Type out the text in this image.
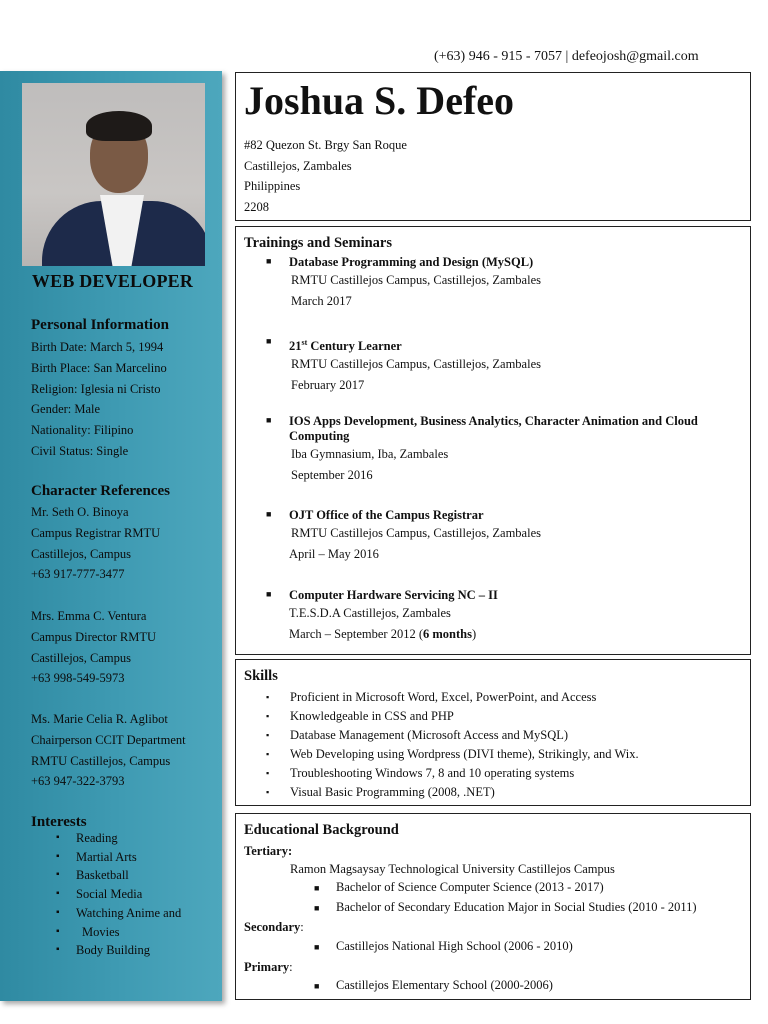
(+63) 946 - 915 - 7057 | defeojosh@gmail.com
WEB DEVELOPER
Personal Information
Birth Date: March 5, 1994
Birth Place: San Marcelino
Religion: Iglesia ni Cristo
Gender: Male
Nationality: Filipino
Civil Status: Single
Character References
Mr. Seth O. Binoya
Campus Registrar RMTU
Castillejos, Campus
+63 917-777-3477
Mrs. Emma C. Ventura
Campus Director RMTU
Castillejos, Campus
+63 998-549-5973
Ms. Marie Celia R. Aglibot
Chairperson CCIT Department
RMTU Castillejos, Campus
+63 947-322-3793
Interests
▪ Reading
▪ Martial Arts
▪ Basketball
▪ Social Media
▪ Watching Anime and
▪ Movies
▪ Body Building
Joshua S. Defeo
#82 Quezon St. Brgy San Roque
Castillejos, Zambales
Philippines
2208
Trainings and Seminars
■ Database Programming and Design (MySQL)
RMTU Castillejos Campus, Castillejos, Zambales
March 2017
■ 21st Century Learner
RMTU Castillejos Campus, Castillejos, Zambales
February 2017
■ IOS Apps Development, Business Analytics, Character Animation and Cloud Computing
Iba Gymnasium, Iba, Zambales
September 2016
■ OJT Office of the Campus Registrar
RMTU Castillejos Campus, Castillejos, Zambales
April – May 2016
■ Computer Hardware Servicing NC – II
T.E.S.D.A Castillejos, Zambales
March – September 2012 (6 months)
Skills
▪ Proficient in Microsoft Word, Excel, PowerPoint, and Access
▪ Knowledgeable in CSS and PHP
▪ Database Management (Microsoft Access and MySQL)
▪ Web Developing using Wordpress (DIVI theme), Strikingly, and Wix.
▪ Troubleshooting Windows 7, 8 and 10 operating systems
▪ Visual Basic Programming (2008, .NET)
Educational Background
Tertiary:
Ramon Magsaysay Technological University Castillejos Campus
■ Bachelor of Science Computer Science (2013 - 2017)
■ Bachelor of Secondary Education Major in Social Studies (2010 - 2011)
Secondary:
■ Castillejos National High School (2006 - 2010)
Primary:
■ Castillejos Elementary School (2000-2006)
